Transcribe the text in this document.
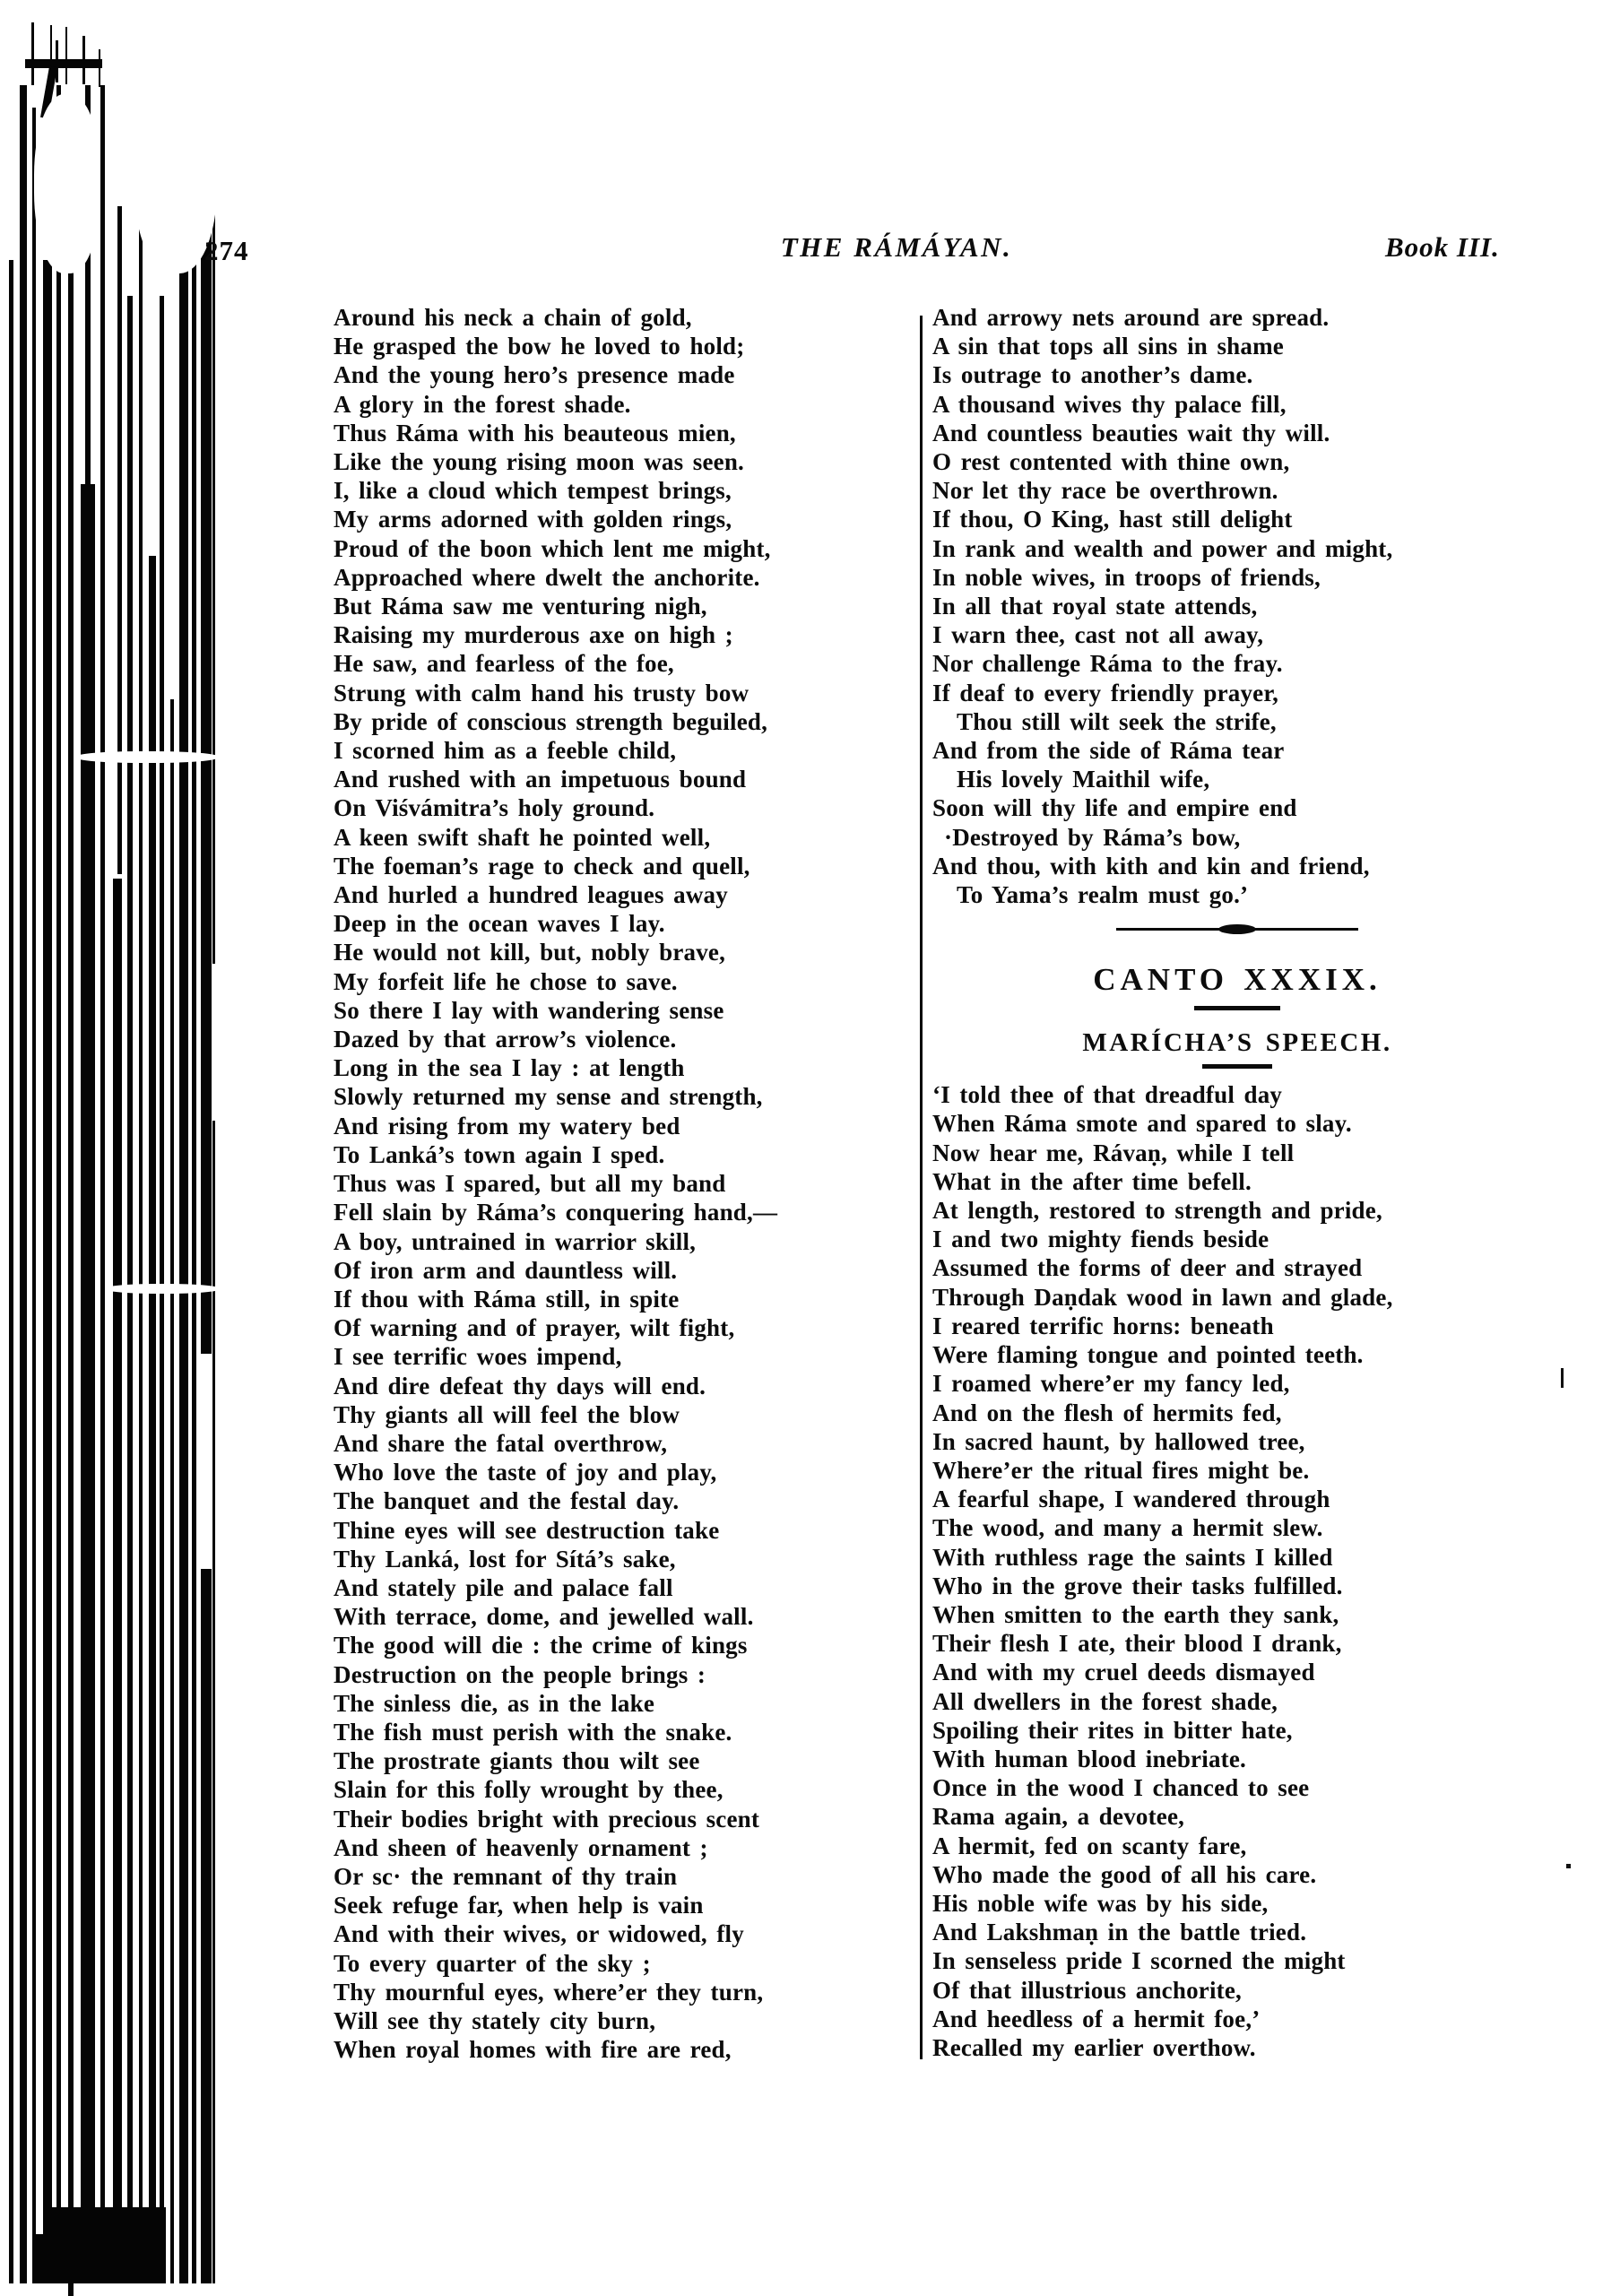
274	THE RÁMÁYAN.	Book III.
Around his neck a chain of gold,
He grasped the bow he loved to hold;
And the young hero’s presence made
A glory in the forest shade.
Thus Ráma with his beauteous mien,
Like the young rising moon was seen.
I, like a cloud which tempest brings,
My arms adorned with golden rings,
Proud of the boon which lent me might,
Approached where dwelt the anchorite.
But Ráma saw me venturing nigh,
Raising my murderous axe on high ;
He saw, and fearless of the foe,
Strung with calm hand his trusty bow
By pride of conscious strength beguiled,
I scorned him as a feeble child,
And rushed with an impetuous bound
On Viśvámitra’s holy ground.
A keen swift shaft he pointed well,
The foeman’s rage to check and quell,
And hurled a hundred leagues away
Deep in the ocean waves I lay.
He would not kill, but, nobly brave,
My forfeit life he chose to save.
So there I lay with wandering sense
Dazed by that arrow’s violence.
Long in the sea I lay : at length
Slowly returned my sense and strength,
And rising from my watery bed
To Lanká’s town again I sped.
Thus was I spared, but all my band
Fell slain by Ráma’s conquering hand,—
A boy, untrained in warrior skill,
Of iron arm and dauntless will.
If thou with Ráma still, in spite
Of warning and of prayer, wilt fight,
I see terrific woes impend,
And dire defeat thy days will end.
Thy giants all will feel the blow
And share the fatal overthrow,
Who love the taste of joy and play,
The banquet and the festal day.
Thine eyes will see destruction take
Thy Lanká, lost for Sítá’s sake,
And stately pile and palace fall
With terrace, dome, and jewelled wall.
The good will die : the crime of kings
Destruction on the people brings :
The sinless die, as in the lake
The fish must perish with the snake.
The prostrate giants thou wilt see
Slain for this folly wrought by thee,
Their bodies bright with precious scent
And sheen of heavenly ornament ;
Or sc· the remnant of thy train
Seek refuge far, when help is vain
And with their wives, or widowed, fly
To every quarter of the sky ;
Thy mournful eyes, where’er they turn,
Will see thy stately city burn,
When royal homes with fire are red,
And arrowy nets around are spread.
A sin that tops all sins in shame
Is outrage to another’s dame.
A thousand wives thy palace fill,
And countless beauties wait thy will.
O rest contented with thine own,
Nor let thy race be overthrown.
If thou, O King, hast still delight
In rank and wealth and power and might,
In noble wives, in troops of friends,
In all that royal state attends,
I warn thee, cast not all away,
Nor challenge Ráma to the fray.
If deaf to every friendly prayer,
Thou still wilt seek the strife,
And from the side of Ráma tear
His lovely Maithil wife,
Soon will thy life and empire end
·Destroyed by Ráma’s bow,
And thou, with kith and kin and friend,
To Yama’s realm must go.’
CANTO XXXIX.
MARÍCHA’S SPEECH.
‘I told thee of that dreadful day
When Ráma smote and spared to slay.
Now hear me, Rávaṇ, while I tell
What in the after time befell.
At length, restored to strength and pride,
I and two mighty fiends beside
Assumed the forms of deer and strayed
Through Daṇdak wood in lawn and glade,
I reared terrific horns: beneath
Were flaming tongue and pointed teeth.
I roamed where’er my fancy led,
And on the flesh of hermits fed,
In sacred haunt, by hallowed tree,
Where’er the ritual fires might be.
A fearful shape, I wandered through
The wood, and many a hermit slew.
With ruthless rage the saints I killed
Who in the grove their tasks fulfilled.
When smitten to the earth they sank,
Their flesh I ate, their blood I drank,
And with my cruel deeds dismayed
All dwellers in the forest shade,
Spoiling their rites in bitter hate,
With human blood inebriate.
Once in the wood I chanced to see
Rama again, a devotee,
A hermit, fed on scanty fare,
Who made the good of all his care.
His noble wife was by his side,
And Lakshmaṇ in the battle tried.
In senseless pride I scorned the might
Of that illustrious anchorite,
And heedless of a hermit foe,’
Recalled my earlier overthow.
